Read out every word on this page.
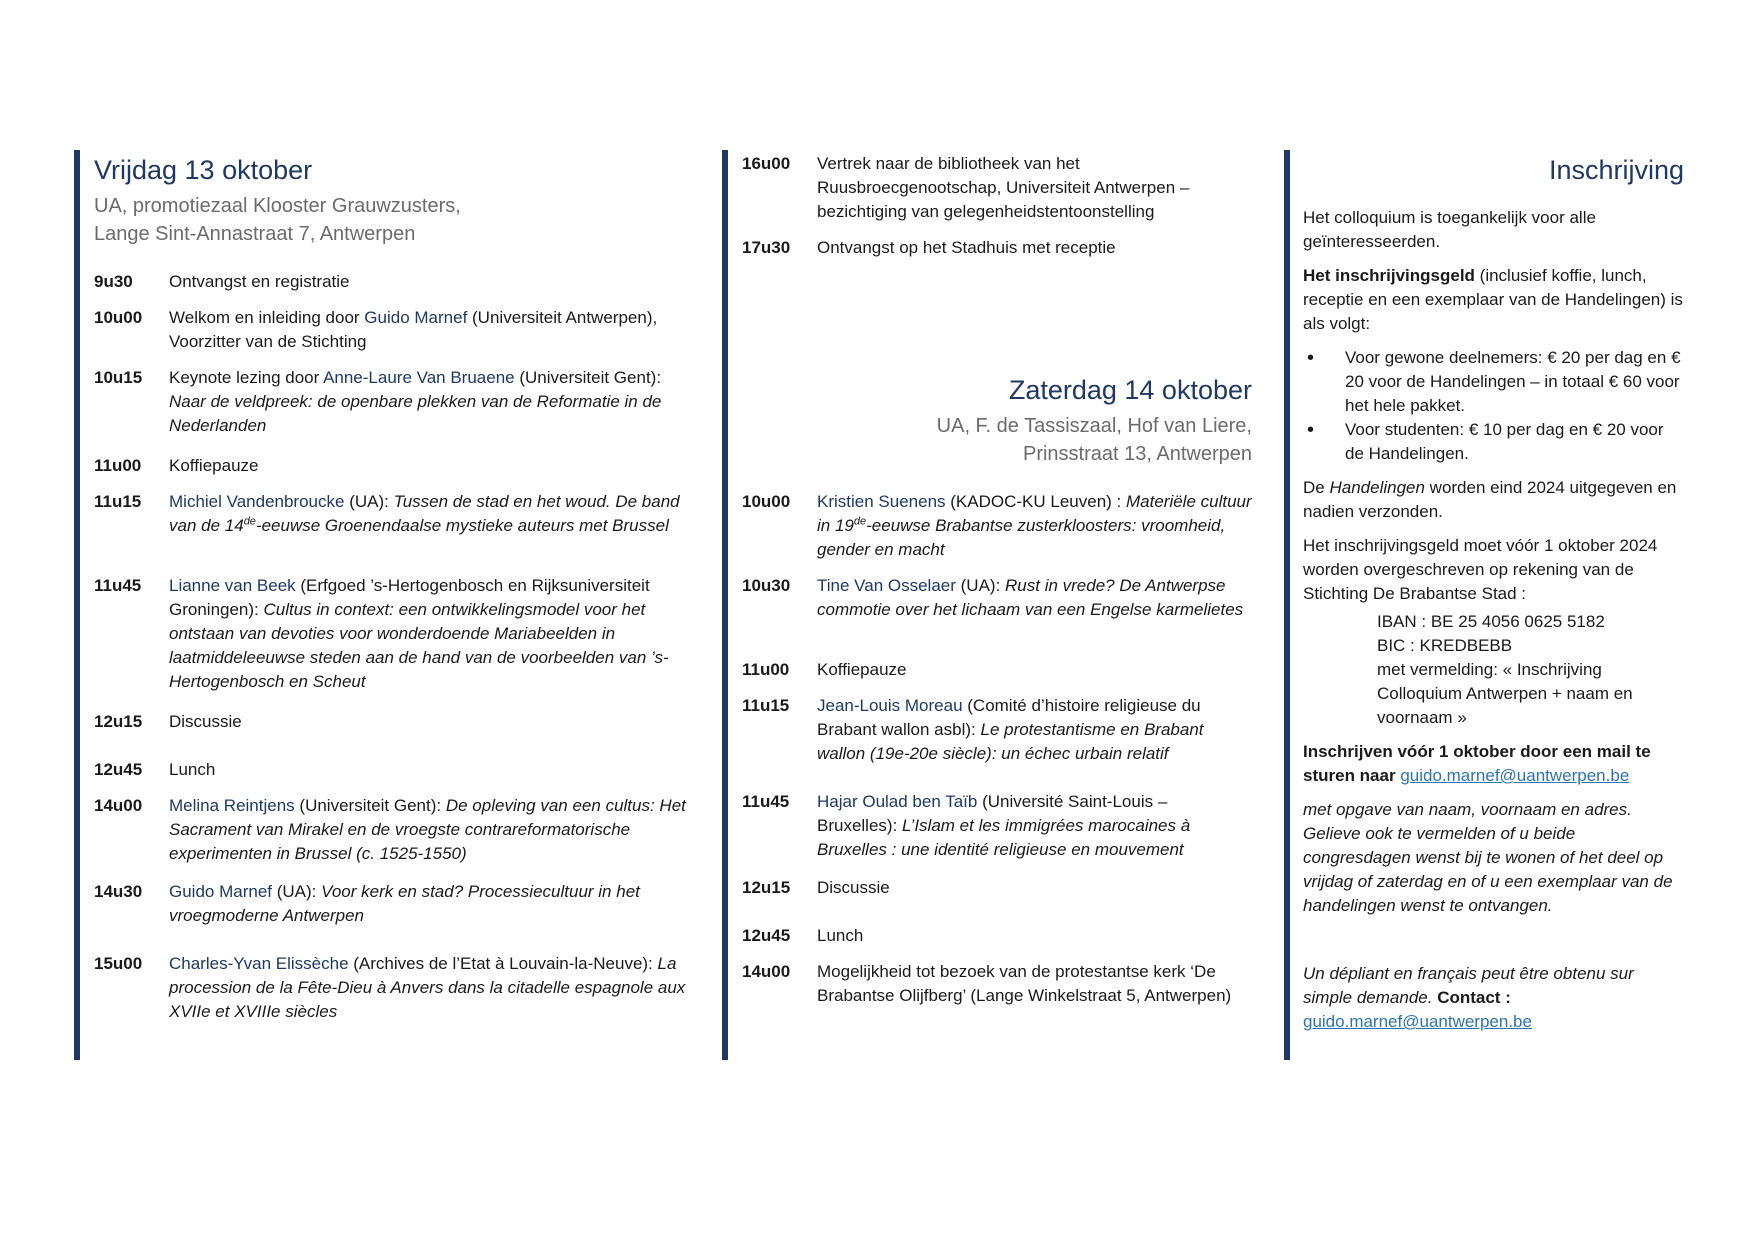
Vrijdag 13 oktober
UA, promotiezaal Klooster Grauwzusters,
Lange Sint-Annastraat 7, Antwerpen
9u30	Ontvangst en registratie
10u00	Welkom en inleiding door Guido Marnef (Universiteit Antwerpen), Voorzitter van de Stichting
10u15	Keynote lezing door Anne-Laure Van Bruaene (Universiteit Gent): Naar de veldpreek: de openbare plekken van de Reformatie in de Nederlanden
11u00	Koffiepauze
11u15	Michiel Vandenbroucke (UA): Tussen de stad en het woud. De band van de 14de-eeuwse Groenendaalse mystieke auteurs met Brussel
11u45	Lianne van Beek (Erfgoed ’s-Hertogenbosch en Rijksuniversiteit Groningen): Cultus in context: een ontwikkelingsmodel voor het ontstaan van devoties voor wonderdoende Mariabeelden in laatmiddeleeuwse steden aan de hand van de voorbeelden van ’s-Hertogenbosch en Scheut
12u15	Discussie
12u45	Lunch
14u00	Melina Reintjens (Universiteit Gent): De opleving van een cultus: Het Sacrament van Mirakel en de vroegste contrareformatorische experimenten in Brussel (c. 1525-1550)
14u30	Guido Marnef (UA): Voor kerk en stad? Processiecultuur in het vroegmoderne Antwerpen
15u00	Charles-Yvan Elissèche (Archives de l’Etat à Louvain-la-Neuve): La procession de la Fête-Dieu à Anvers dans la citadelle espagnole aux XVIIe et XVIIIe siècles
16u00	Vertrek naar de bibliotheek van het Ruusbroecgenootschap, Universiteit Antwerpen – bezichtiging van gelegenheidstentoonstelling
17u30	Ontvangst op het Stadhuis met receptie
Zaterdag 14 oktober
UA, F. de Tassiszaal, Hof van Liere,
Prinsstraat 13, Antwerpen
10u00	Kristien Suenens (KADOC-KU Leuven) : Materiële cultuur in 19de-eeuwse Brabantse zusterkloosters: vroomheid, gender en macht
10u30	Tine Van Osselaer (UA): Rust in vrede? De Antwerpse commotie over het lichaam van een Engelse karmelietes
11u00	Koffiepauze
11u15	Jean-Louis Moreau (Comité d’histoire religieuse du Brabant wallon asbl): Le protestantisme en Brabant wallon (19e-20e siècle): un échec urbain relatif
11u45	Hajar Oulad ben Taïb (Université Saint-Louis – Bruxelles): L’Islam et les immigrées marocaines à Bruxelles : une identité religieuse en mouvement
12u15	Discussie
12u45	Lunch
14u00	Mogelijkheid tot bezoek van de protestantse kerk ‘De Brabantse Olijfberg’ (Lange Winkelstraat 5, Antwerpen)
Inschrijving

Het colloquium is toegankelijk voor alle geïnteresseerden.

Het inschrijvingsgeld (inclusief koffie, lunch, receptie en een exemplaar van de Handelingen) is als volgt:

• Voor gewone deelnemers: € 20 per dag en € 20 voor de Handelingen – in totaal € 60 voor het hele pakket.
• Voor studenten: € 10 per dag en € 20 voor de Handelingen.

De Handelingen worden eind 2024 uitgegeven en nadien verzonden.

Het inschrijvingsgeld moet vóór 1 oktober 2024 worden overgeschreven op rekening van de Stichting De Brabantse Stad :

IBAN : BE 25 4056 0625 5182
BIC : KREDBEBB
met vermelding: « Inschrijving Colloquium Antwerpen + naam en voornaam »

Inschrijven vóór 1 oktober door een mail te sturen naar guido.marnef@uantwerpen.be

met opgave van naam, voornaam en adres. Gelieve ook te vermelden of u beide congresdagen wenst bij te wonen of het deel op vrijdag of zaterdag en of u een exemplaar van de handelingen wenst te ontvangen.

Un dépliant en français peut être obtenu sur simple demande. Contact :
guido.marnef@uantwerpen.be
